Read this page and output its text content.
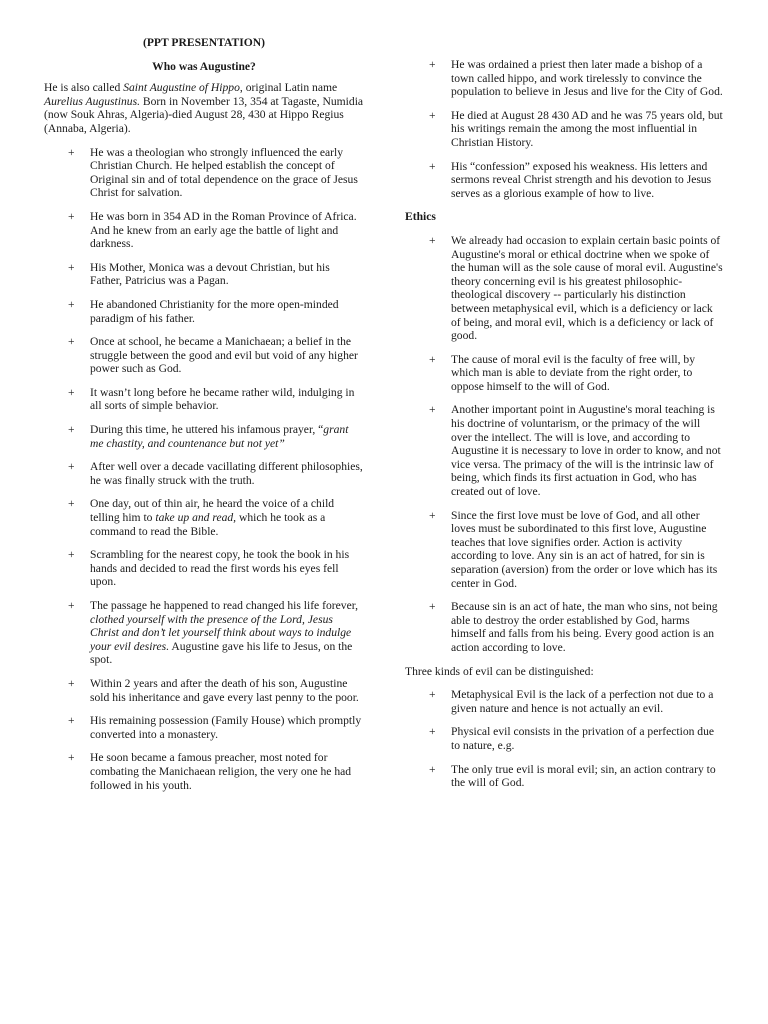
(PPT PRESENTATION)
Who was Augustine?

He is also called Saint Augustine of Hippo, original Latin name Aurelius Augustinus. Born in November 13, 354 at Tagaste, Numidia (now Souk Ahras, Algeria)-died August 28, 430 at Hippo Regius (Annaba, Algeria).

+ He was a theologian who strongly influenced the early Christian Church. He helped establish the concept of Original sin and of total dependence on the grace of Jesus Christ for salvation.
+ He was born in 354 AD in the Roman Province of Africa. And he knew from an early age the battle of light and darkness.
+ His Mother, Monica was a devout Christian, but his Father, Patricius was a Pagan.
+ He abandoned Christianity for the more open-minded paradigm of his father.
+ Once at school, he became a Manichaean; a belief in the struggle between the good and evil but void of any higher power such as God.
+ It wasn’t long before he became rather wild, indulging in all sorts of simple behavior.
+ During this time, he uttered his infamous prayer, “grant me chastity, and countenance but not yet”
+ After well over a decade vacillating different philosophies, he was finally struck with the truth.
+ One day, out of thin air, he heard the voice of a child telling him to take up and read, which he took as a command to read the Bible.
+ Scrambling for the nearest copy, he took the book in his hands and decided to read the first words his eyes fell upon.
+ The passage he happened to read changed his life forever, clothed yourself with the presence of the Lord, Jesus Christ and don’t let yourself think about ways to indulge your evil desires. Augustine gave his life to Jesus, on the spot.
+ Within 2 years and after the death of his son, Augustine sold his inheritance and gave every last penny to the poor.
+ His remaining possession (Family House) which promptly converted into a monastery.
+ He soon became a famous preacher, most noted for combating the Manichaean religion, the very one he had followed in his youth.
+ He was ordained a priest then later made a bishop of a town called hippo, and work tirelessly to convince the population to believe in Jesus and live for the City of God.
+ He died at August 28 430 AD and he was 75 years old, but his writings remain the among the most influential in Christian History.
+ His “confession” exposed his weakness. His letters and sermons reveal Christ strength and his devotion to Jesus serves as a glorious example of how to live.
Ethics
+ We already had occasion to explain certain basic points of Augustine's moral or ethical doctrine when we spoke of the human will as the sole cause of moral evil. Augustine's theory concerning evil is his greatest philosophic-theological discovery -- particularly his distinction between metaphysical evil, which is a deficiency or lack of being, and moral evil, which is a deficiency or lack of good.
+ The cause of moral evil is the faculty of free will, by which man is able to deviate from the right order, to oppose himself to the will of God.
+ Another important point in Augustine's moral teaching is his doctrine of voluntarism, or the primacy of the will over the intellect. The will is love, and according to Augustine it is necessary to love in order to know, and not vice versa. The primacy of the will is the intrinsic law of being, which finds its first actuation in God, who has created out of love.
+ Since the first love must be love of God, and all other loves must be subordinated to this first love, Augustine teaches that love signifies order. Action is activity according to love. Any sin is an act of hatred, for sin is separation (aversion) from the order or love which has its center in God.
+ Because sin is an act of hate, the man who sins, not being able to destroy the order established by God, harms himself and falls from his being. Every good action is an action according to love.
Three kinds of evil can be distinguished:
+ Metaphysical Evil is the lack of a perfection not due to a given nature and hence is not actually an evil.
+ Physical evil consists in the privation of a perfection due to nature, e.g.
+ The only true evil is moral evil; sin, an action contrary to the will of God.
